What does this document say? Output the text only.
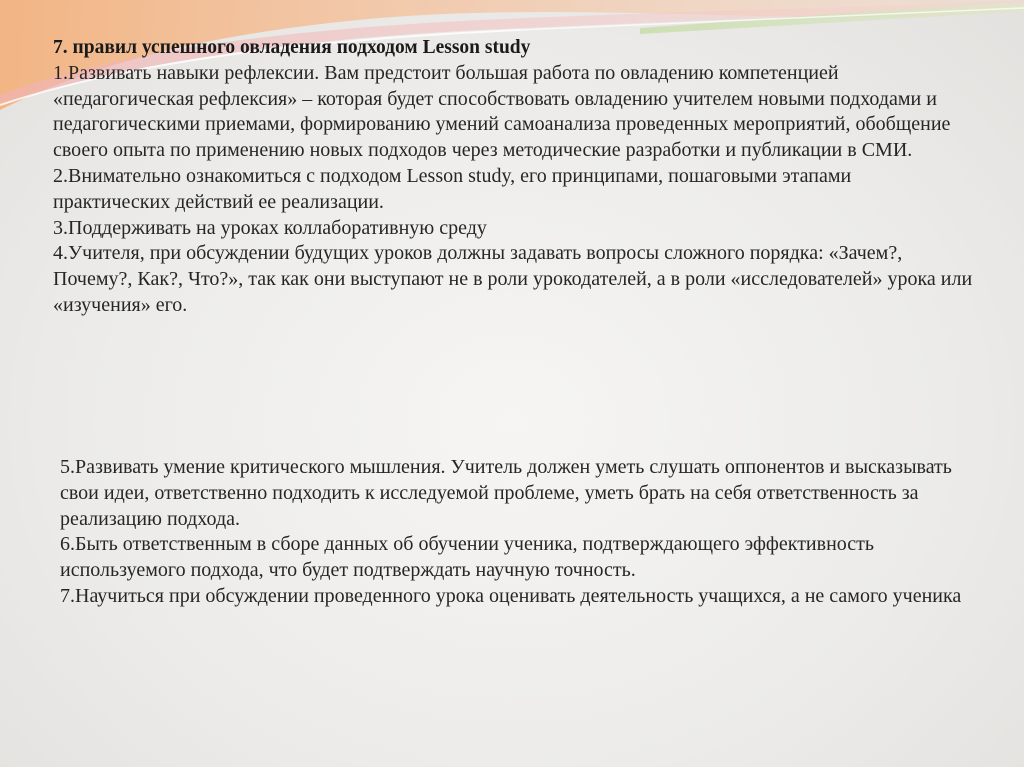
7. правил успешного овладения подходом Lesson study
1.Развивать навыки рефлексии. Вам предстоит большая работа по овладению компетенцией «педагогическая рефлексия» – которая будет способствовать овладению учителем новыми подходами и педагогическими приемами, формированию умений самоанализа проведенных мероприятий, обобщение своего опыта по применению новых подходов через методические разработки и публикации в СМИ.
2.Внимательно ознакомиться с подходом Lesson study, его принципами, пошаговыми этапами практических действий ее реализации.
3.Поддерживать на уроках коллаборативную среду
4.Учителя, при обсуждении будущих уроков должны задавать вопросы сложного порядка: «Зачем?, Почему?, Как?, Что?», так как они выступают не в роли урокодателей, а в роли «исследователей» урока или «изучения» его.
5.Развивать умение критического мышления. Учитель должен уметь слушать оппонентов и высказывать свои идеи, ответственно подходить к исследуемой проблеме, уметь брать на себя ответственность за реализацию подхода.
6.Быть ответственным в сборе данных об обучении ученика, подтверждающего эффективность используемого подхода, что будет подтверждать научную точность.
7.Научиться при обсуждении проведенного урока оценивать деятельность учащихся, а не самого ученика
